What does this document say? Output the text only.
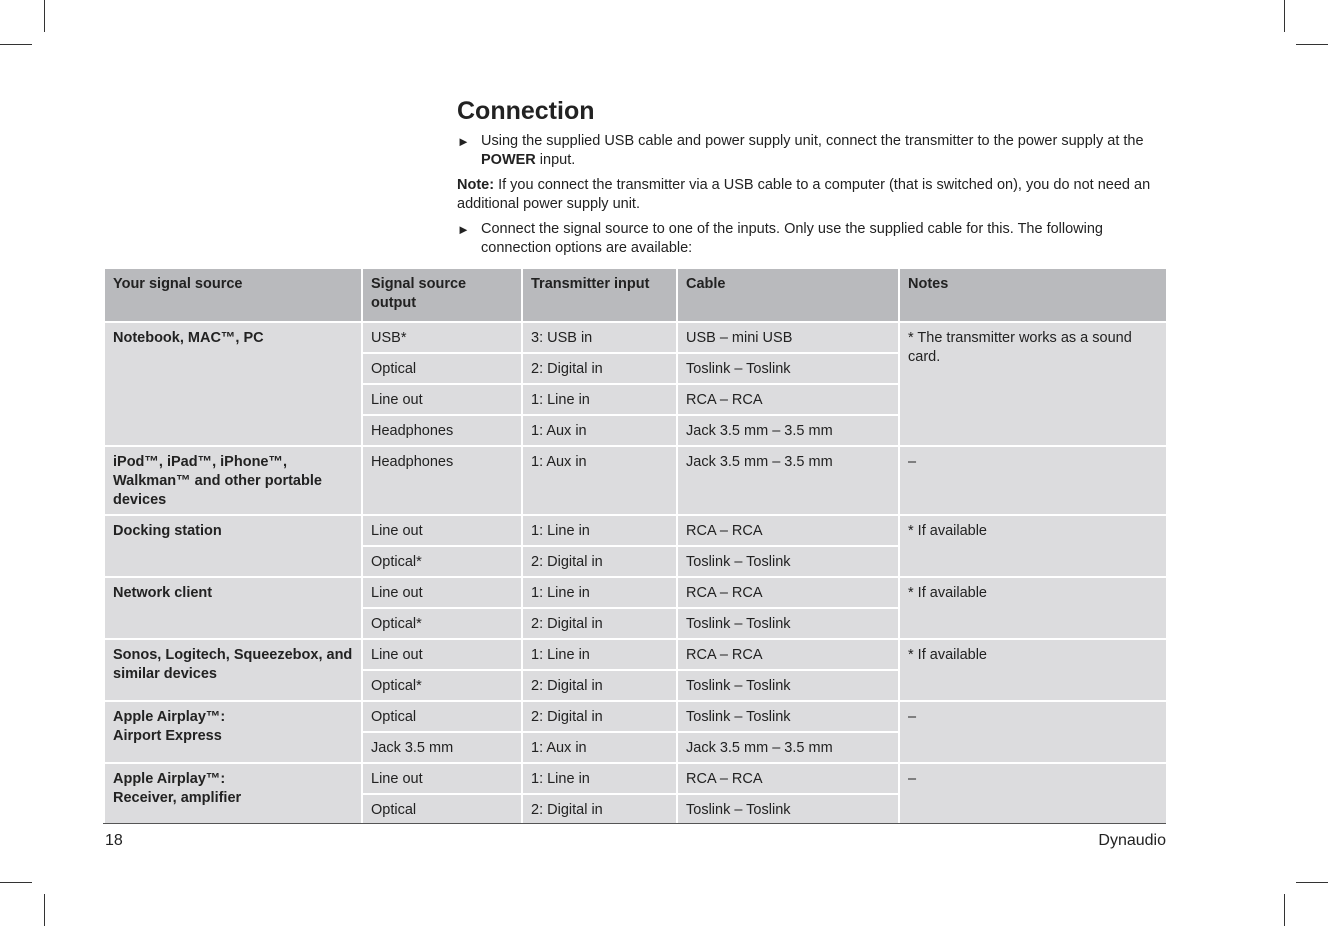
Connection
► Using the supplied USB cable and power supply unit, connect the transmitter to the power supply at the POWER input.

Note: If you connect the transmitter via a USB cable to a computer (that is switched on), you do not need an additional power supply unit.

► Connect the signal source to one of the inputs. Only use the supplied cable for this. The following connection options are available:
Your signal source	Signal source output	Transmitter input	Cable	Notes
Notebook, MAC™, PC	USB*	3: USB in	USB – mini USB	* The transmitter works as a sound card.
	Optical	2: Digital in	Toslink – Toslink	
	Line out	1: Line in	RCA – RCA	
	Headphones	1: Aux in	Jack 3.5 mm – 3.5 mm	
iPod™, iPad™, iPhone™, Walkman™ and other portable devices	Headphones	1: Aux in	Jack 3.5 mm – 3.5 mm	–
Docking station	Line out	1: Line in	RCA – RCA	* If available
	Optical*	2: Digital in	Toslink – Toslink	
Network client	Line out	1: Line in	RCA – RCA	* If available
	Optical*	2: Digital in	Toslink – Toslink	
Sonos, Logitech, Squeezebox, and similar devices	Line out	1: Line in	RCA – RCA	* If available
	Optical*	2: Digital in	Toslink – Toslink	
Apple Airplay™:
Airport Express	Optical	2: Digital in	Toslink – Toslink	–
	Jack 3.5 mm	1: Aux in	Jack 3.5 mm – 3.5 mm	
Apple Airplay™:
Receiver, amplifier	Line out	1: Line in	RCA – RCA	–
	Optical	2: Digital in	Toslink – Toslink	
18	Dynaudio
